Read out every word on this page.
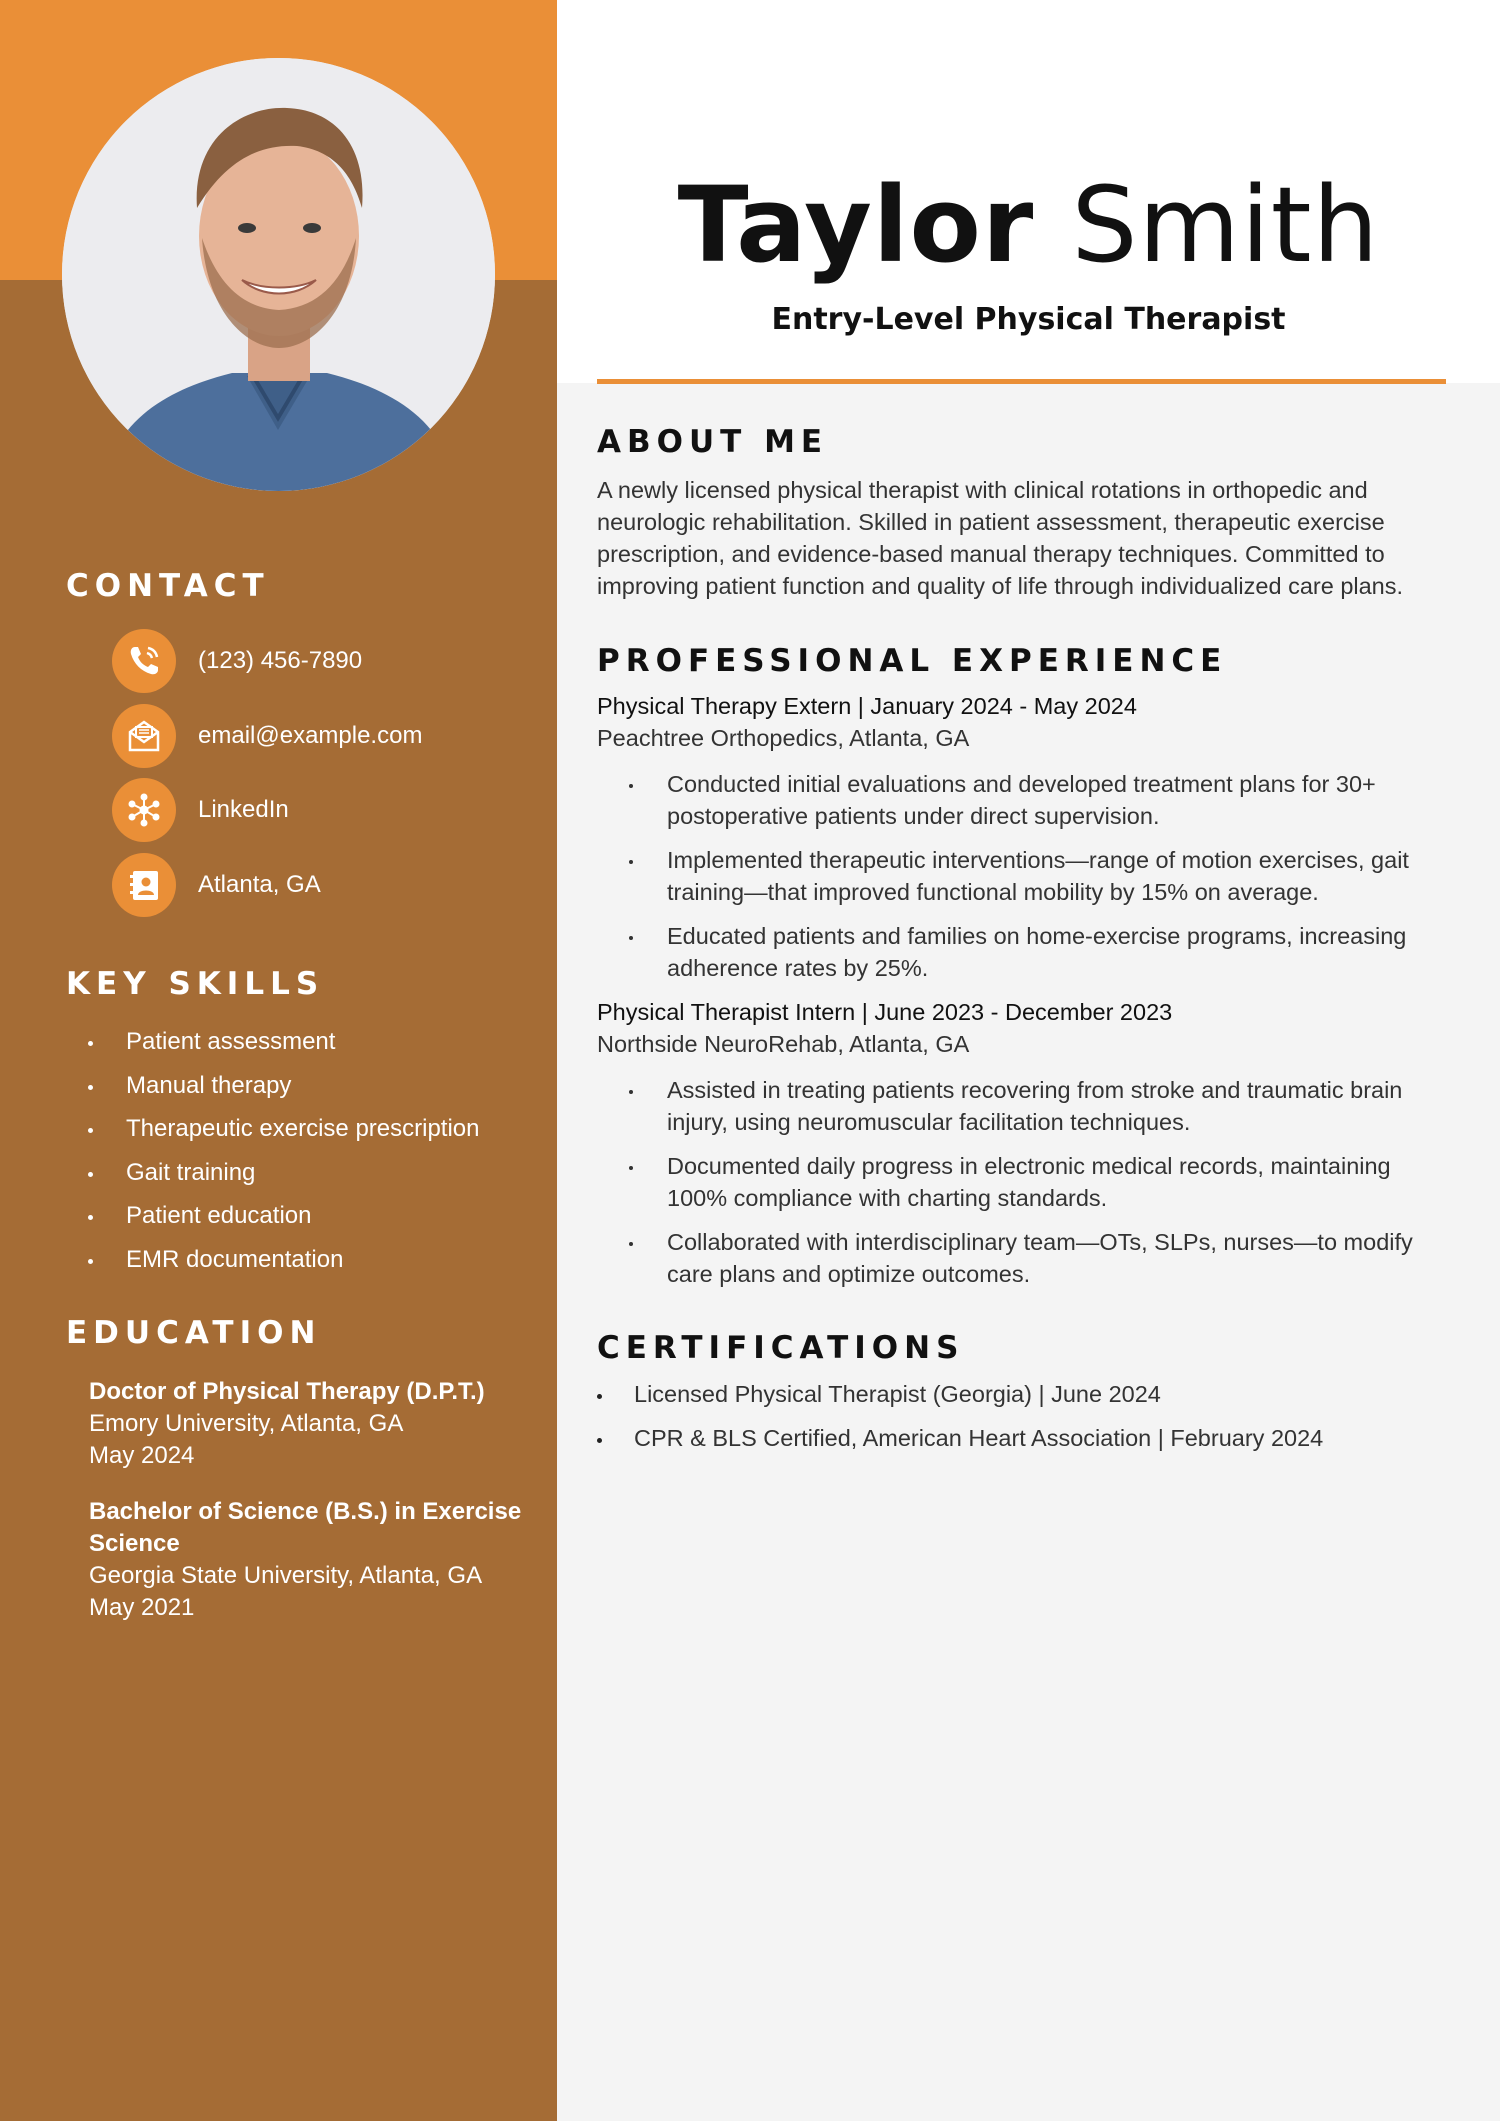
CONTACT
(123) 456-7890
email@example.com
LinkedIn
Atlanta, GA
KEY SKILLS
Patient assessment
Manual therapy
Therapeutic exercise prescription
Gait training
Patient education
EMR documentation
EDUCATION
Doctor of Physical Therapy (D.P.T.)
Emory University, Atlanta, GA
May 2024
Bachelor of Science (B.S.) in Exercise Science
Georgia State University, Atlanta, GA
May 2021
Taylor Smith
Entry-Level Physical Therapist
ABOUT ME

A newly licensed physical therapist with clinical rotations in orthopedic and neurologic rehabilitation. Skilled in patient assessment, therapeutic exercise prescription, and evidence-based manual therapy techniques. Committed to improving patient function and quality of life through individualized care plans.

PROFESSIONAL EXPERIENCE
Physical Therapy Extern | January 2024 - May 2024
Peachtree Orthopedics, Atlanta, GA
Conducted initial evaluations and developed treatment plans for 30+ postoperative patients under direct supervision.
Implemented therapeutic interventions—range of motion exercises, gait training—that improved functional mobility by 15% on average.
Educated patients and families on home-exercise programs, increasing adherence rates by 25%.
Physical Therapist Intern | June 2023 - December 2023
Northside NeuroRehab, Atlanta, GA
Assisted in treating patients recovering from stroke and traumatic brain injury, using neuromuscular facilitation techniques.
Documented daily progress in electronic medical records, maintaining 100% compliance with charting standards.
Collaborated with interdisciplinary team—OTs, SLPs, nurses—to modify care plans and optimize outcomes.
CERTIFICATIONS
Licensed Physical Therapist (Georgia) | June 2024
CPR & BLS Certified, American Heart Association | February 2024
